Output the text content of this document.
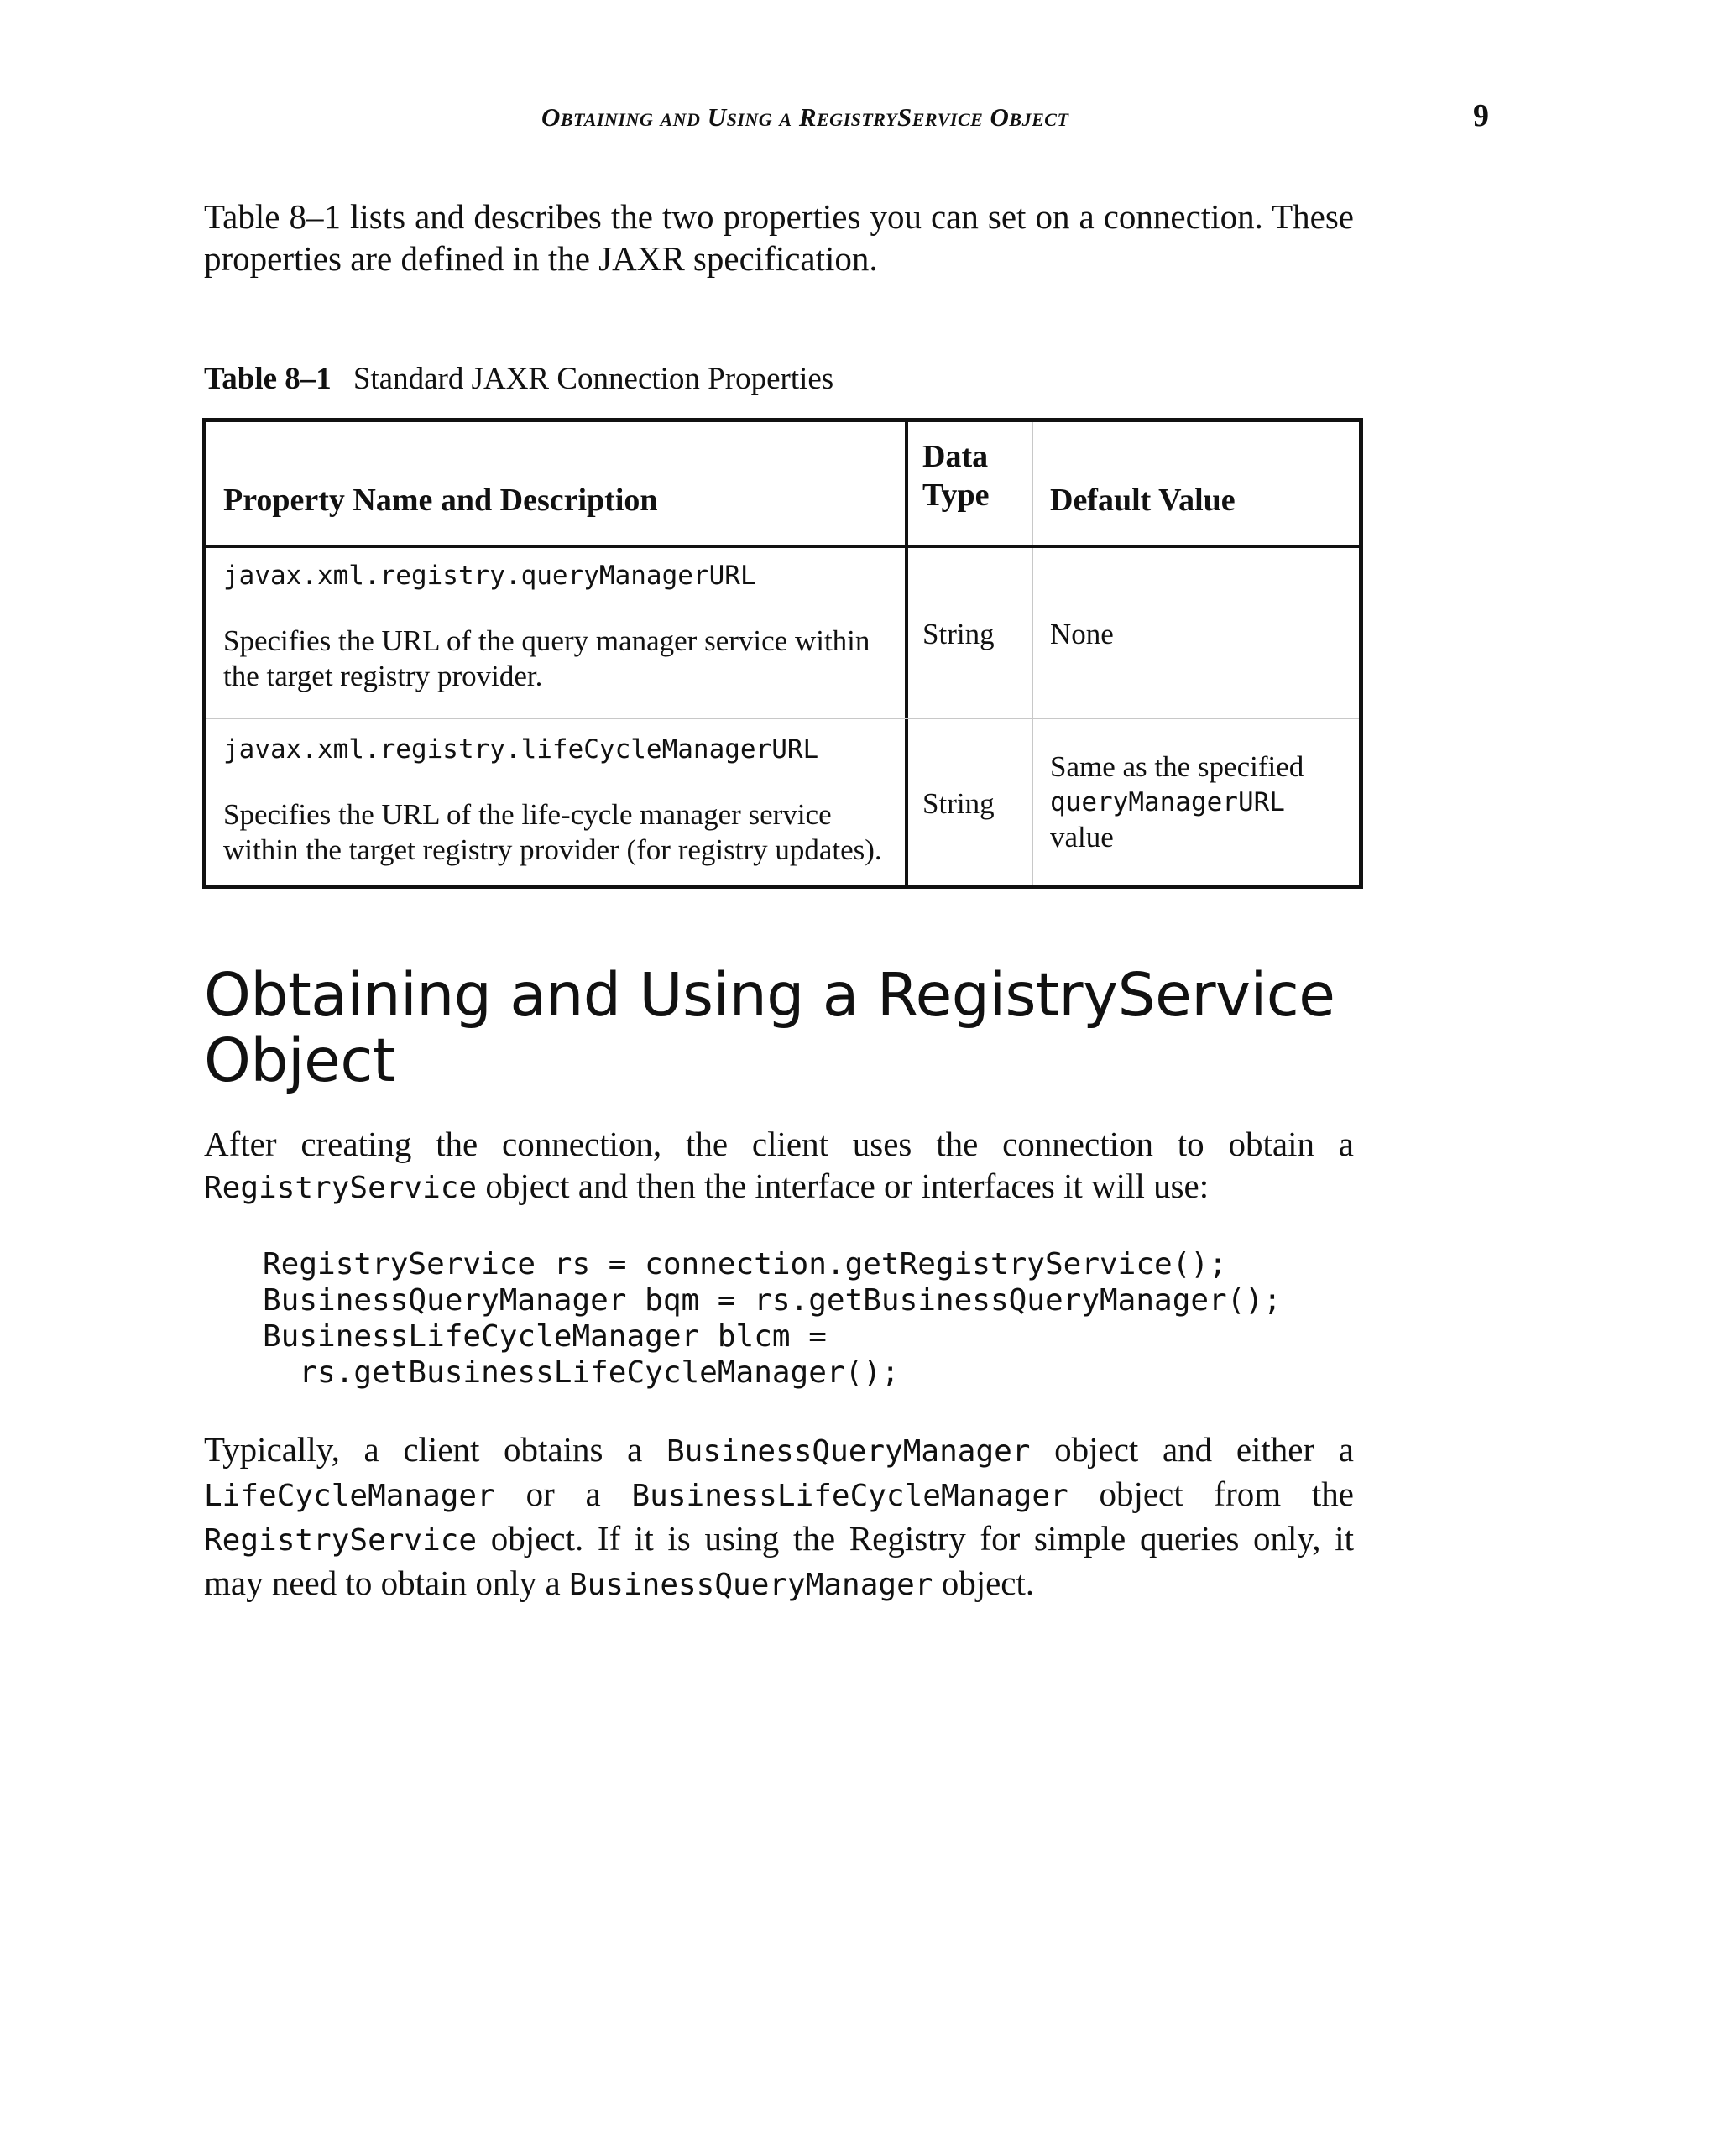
Obtaining and Using a RegistryService Object	9

Table 8–1 lists and describes the two properties you can set on a connection. These properties are defined in the JAXR specification.

Table 8–1 Standard JAXR Connection Properties
Property Name and Description
Data
Type Default Value
javax.xml.registry.queryManagerURL
Specifies the URL of the query manager service within the target registry provider.
String None
javax.xml.registry.lifeCycleManagerURL
Specifies the URL of the life-cycle manager service within the target registry provider (for registry updates).
String
Same as the specified
queryManagerURL
value
Obtaining and Using a RegistryService Object

After creating the connection, the client uses the connection to obtain a RegistryService object and then the interface or interfaces it will use:

RegistryService rs = connection.getRegistryService();
BusinessQueryManager bqm = rs.getBusinessQueryManager();
BusinessLifeCycleManager blcm =
rs.getBusinessLifeCycleManager();

Typically, a client obtains a BusinessQueryManager object and either a LifeCycleManager or a BusinessLifeCycleManager object from the RegistryService object. If it is using the Registry for simple queries only, it may need to obtain only a BusinessQueryManager object.
